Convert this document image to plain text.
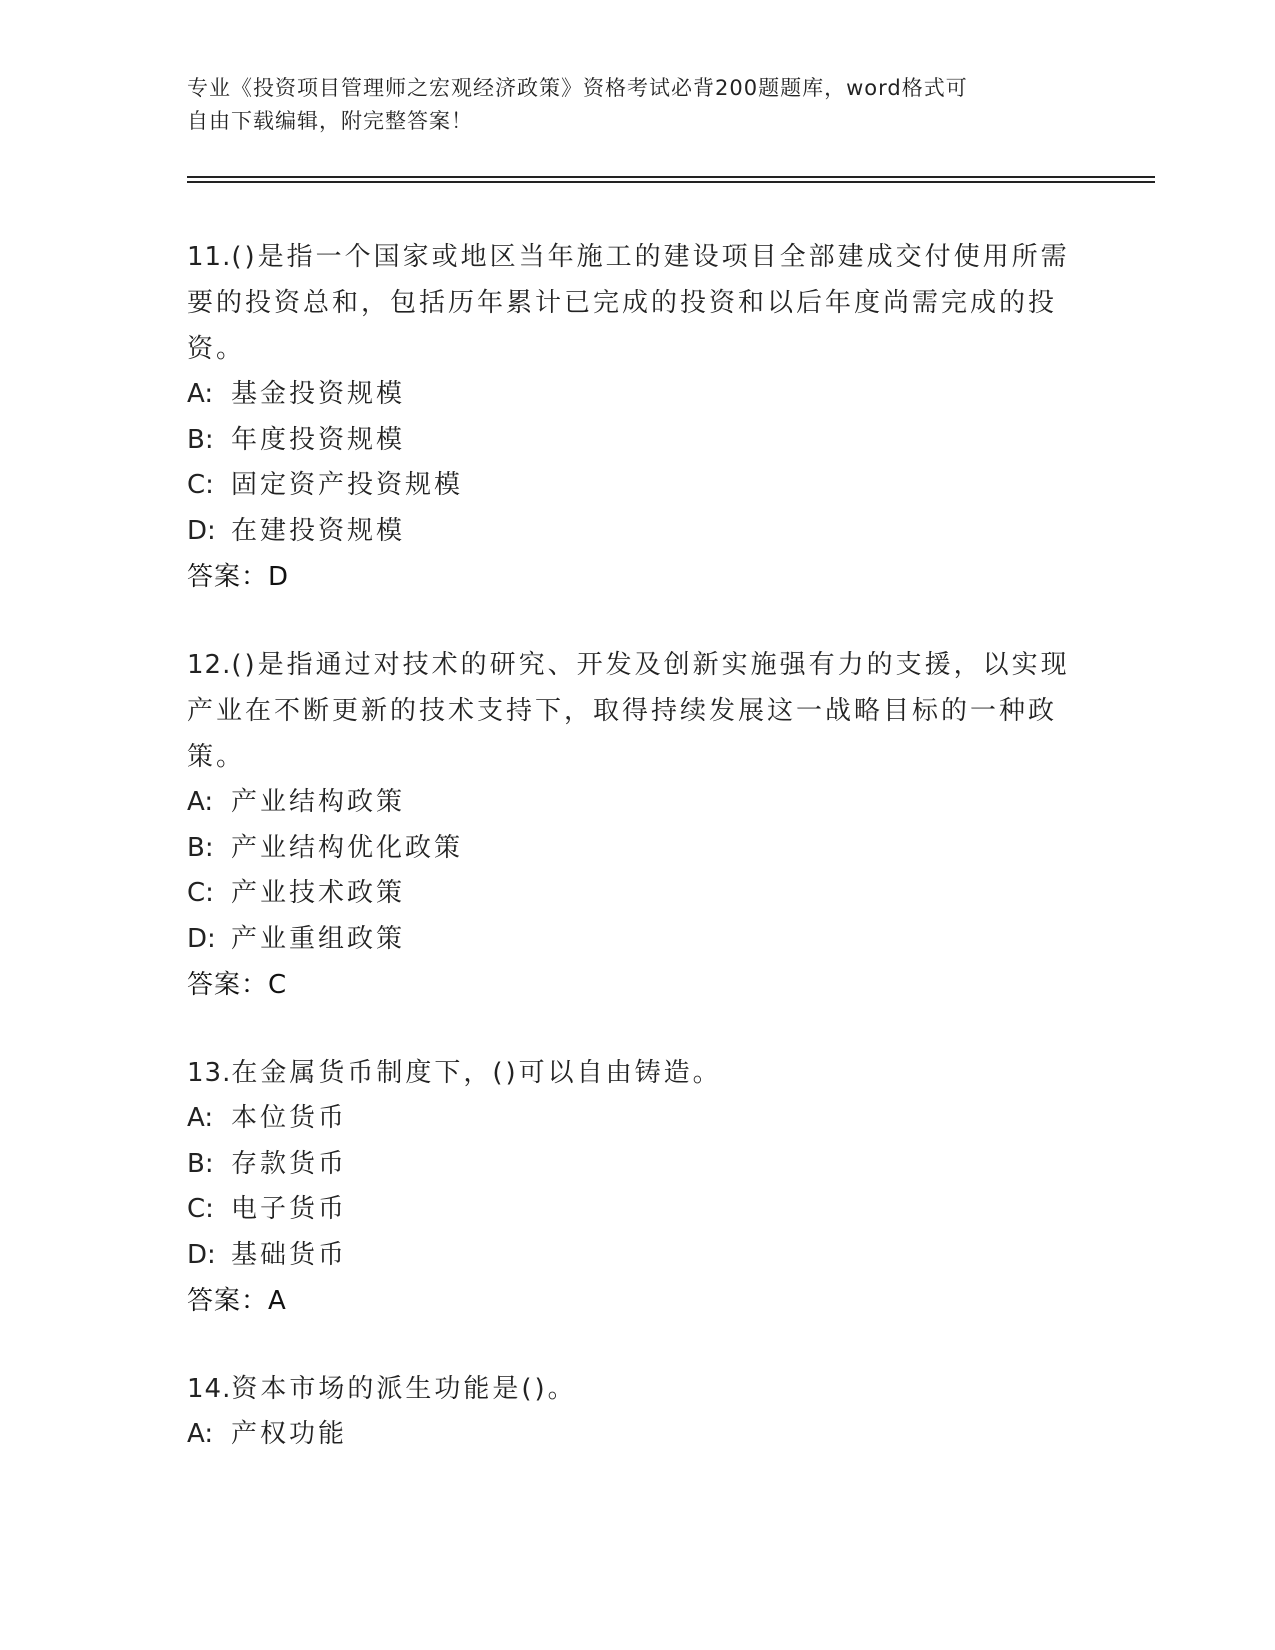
专业《投资项目管理师之宏观经济政策》资格考试必背200题题库，word格式可
自由下载编辑，附完整答案！
11.()是指一个国家或地区当年施工的建设项目全部建成交付使用所需要的投资总和，包括历年累计已完成的投资和以后年度尚需完成的投资。
A: 基金投资规模
B: 年度投资规模
C: 固定资产投资规模
D: 在建投资规模
答案：D
12.()是指通过对技术的研究、开发及创新实施强有力的支援，以实现产业在不断更新的技术支持下，取得持续发展这一战略目标的一种政策。
A: 产业结构政策
B: 产业结构优化政策
C: 产业技术政策
D: 产业重组政策
答案：C
13.在金属货币制度下，()可以自由铸造。
A: 本位货币
B: 存款货币
C: 电子货币
D: 基础货币
答案：A
14.资本市场的派生功能是()。
A: 产权功能
